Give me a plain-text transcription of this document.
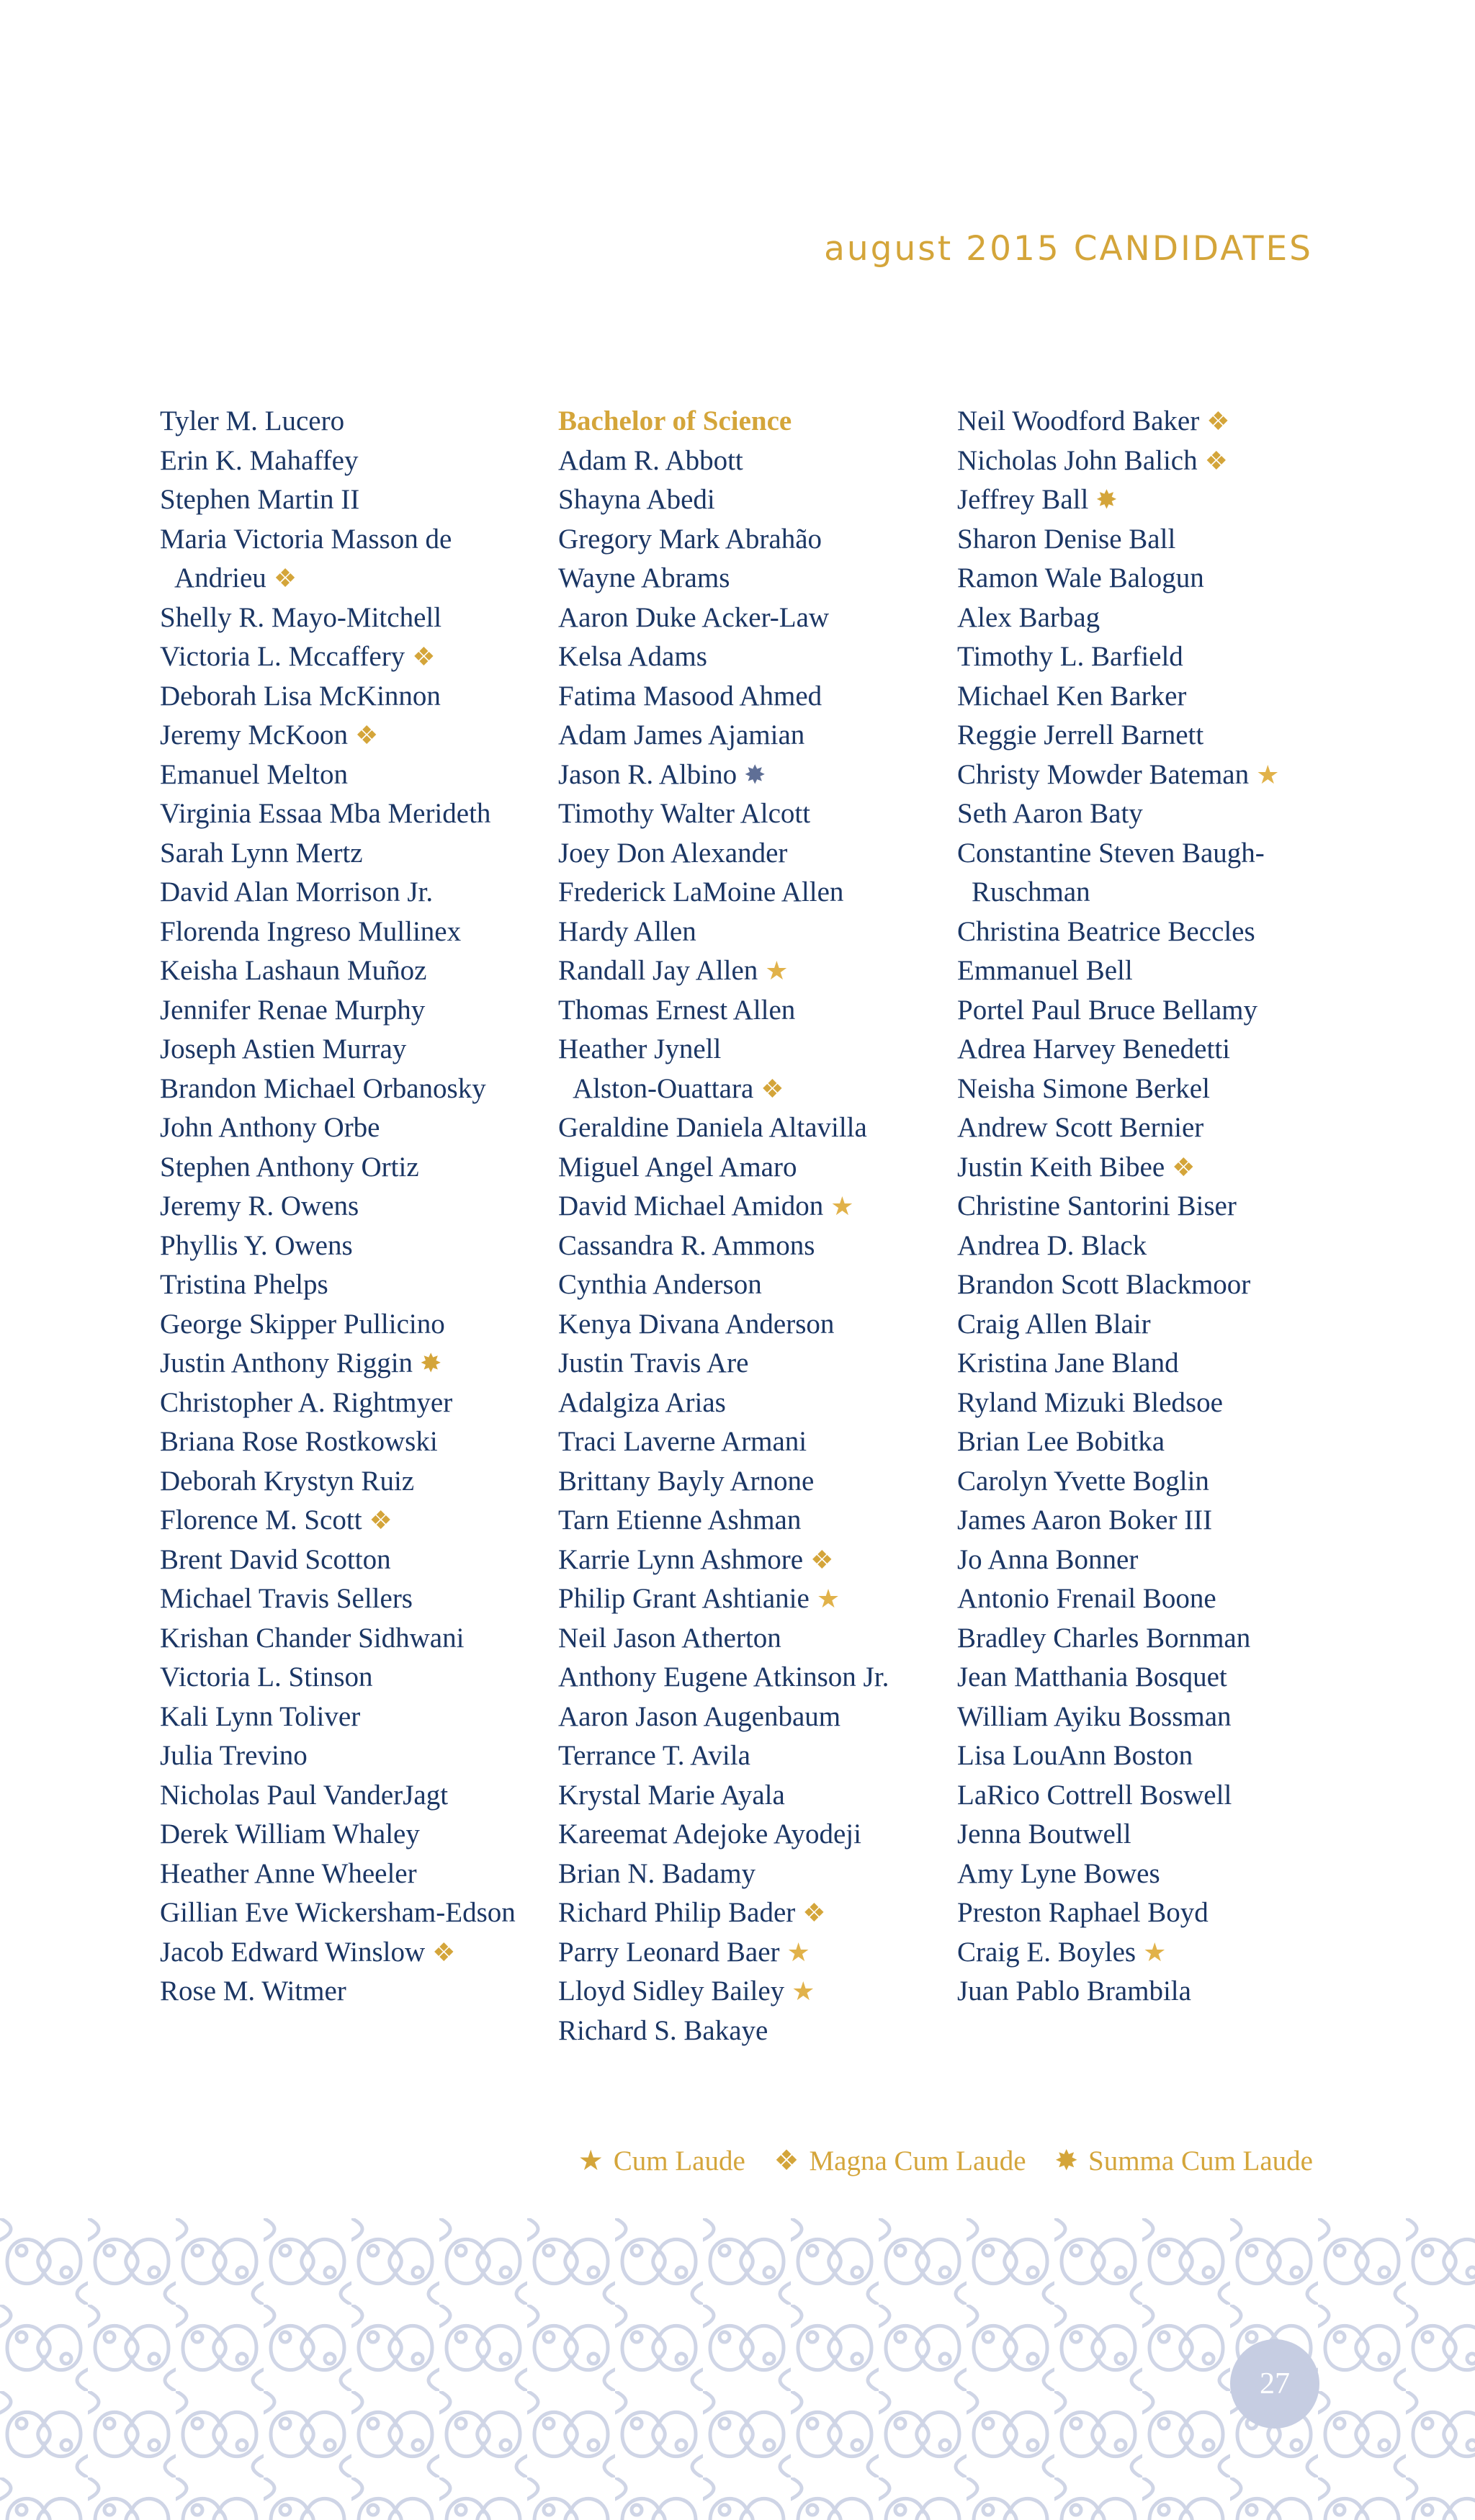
august 2015 CANDIDATES
Tyler M. Lucero
Erin K. Mahaffey
Stephen Martin II
Maria Victoria Masson de
Andrieu ❖
Shelly R. Mayo-Mitchell
Victoria L. Mccaffery ❖
Deborah Lisa McKinnon
Jeremy McKoon ❖
Emanuel Melton
Virginia Essaa Mba Merideth
Sarah Lynn Mertz
David Alan Morrison Jr.
Florenda Ingreso Mullinex
Keisha Lashaun Muñoz
Jennifer Renae Murphy
Joseph Astien Murray
Brandon Michael Orbanosky
John Anthony Orbe
Stephen Anthony Ortiz
Jeremy R. Owens
Phyllis Y. Owens
Tristina Phelps
George Skipper Pullicino
Justin Anthony Riggin ✸
Christopher A. Rightmyer
Briana Rose Rostkowski
Deborah Krystyn Ruiz
Florence M. Scott ❖
Brent David Scotton
Michael Travis Sellers
Krishan Chander Sidhwani
Victoria L. Stinson
Kali Lynn Toliver
Julia Trevino
Nicholas Paul VanderJagt
Derek William Whaley
Heather Anne Wheeler
Gillian Eve Wickersham-Edson
Jacob Edward Winslow ❖
Rose M. Witmer
Bachelor of Science
Adam R. Abbott
Shayna Abedi
Gregory Mark Abrahão
Wayne Abrams
Aaron Duke Acker-Law
Kelsa Adams
Fatima Masood Ahmed
Adam James Ajamian
Jason R. Albino ✸
Timothy Walter Alcott
Joey Don Alexander
Frederick LaMoine Allen
Hardy Allen
Randall Jay Allen ★
Thomas Ernest Allen
Heather Jynell
Alston-Ouattara ❖
Geraldine Daniela Altavilla
Miguel Angel Amaro
David Michael Amidon ★
Cassandra R. Ammons
Cynthia Anderson
Kenya Divana Anderson
Justin Travis Are
Adalgiza Arias
Traci Laverne Armani
Brittany Bayly Arnone
Tarn Etienne Ashman
Karrie Lynn Ashmore ❖
Philip Grant Ashtianie ★
Neil Jason Atherton
Anthony Eugene Atkinson Jr.
Aaron Jason Augenbaum
Terrance T. Avila
Krystal Marie Ayala
Kareemat Adejoke Ayodeji
Brian N. Badamy
Richard Philip Bader ❖
Parry Leonard Baer ★
Lloyd Sidley Bailey ★
Richard S. Bakaye
Neil Woodford Baker ❖
Nicholas John Balich ❖
Jeffrey Ball ✸
Sharon Denise Ball
Ramon Wale Balogun
Alex Barbag
Timothy L. Barfield
Michael Ken Barker
Reggie Jerrell Barnett
Christy Mowder Bateman ★
Seth Aaron Baty
Constantine Steven Baugh-
Ruschman
Christina Beatrice Beccles
Emmanuel Bell
Portel Paul Bruce Bellamy
Adrea Harvey Benedetti
Neisha Simone Berkel
Andrew Scott Bernier
Justin Keith Bibee ❖
Christine Santorini Biser
Andrea D. Black
Brandon Scott Blackmoor
Craig Allen Blair
Kristina Jane Bland
Ryland Mizuki Bledsoe
Brian Lee Bobitka
Carolyn Yvette Boglin
James Aaron Boker III
Jo Anna Bonner
Antonio Frenail Boone
Bradley Charles Bornman
Jean Matthania Bosquet
William Ayiku Bossman
Lisa LouAnn Boston
LaRico Cottrell Boswell
Jenna Boutwell
Amy Lyne Bowes
Preston Raphael Boyd
Craig E. Boyles ★
Juan Pablo Brambila
★ Cum Laude ❖ Magna Cum Laude ✸ Summa Cum Laude
27
